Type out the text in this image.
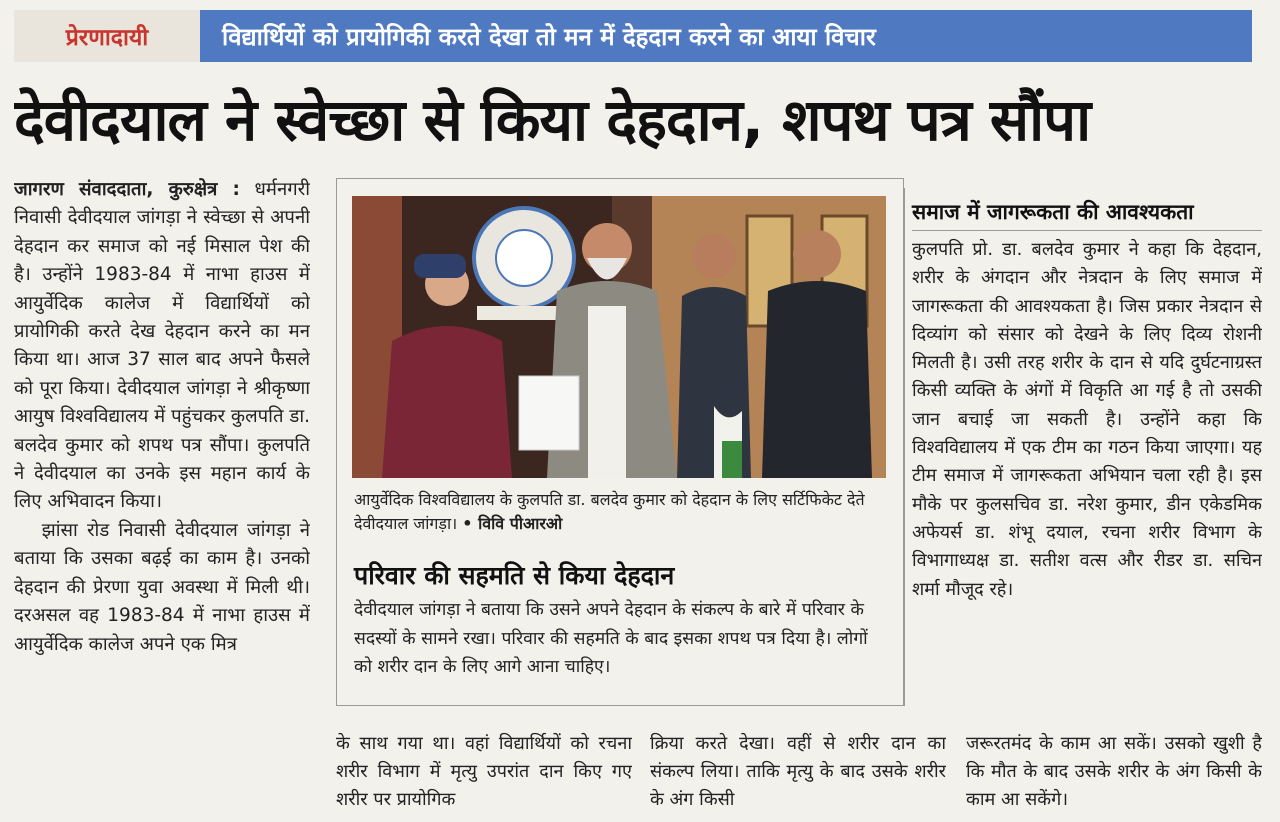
प्रेरणादायी	विद्यार्थियों को प्रायोगिकी करते देखा तो मन में देहदान करने का आया विचार
देवीदयाल ने स्वेच्छा से किया देहदान, शपथ पत्र सौंपा

जागरण संवाददाता, कुरुक्षेत्र : धर्मनगरी निवासी देवीदयाल जांगड़ा ने स्वेच्छा से अपनी देहदान कर समाज को नई मिसाल पेश की है। उन्होंने 1983-84 में नाभा हाउस में आयुर्वेदिक कालेज में विद्यार्थियों को प्रायोगिकी करते देख देहदान करने का मन किया था। आज 37 साल बाद अपने फैसले को पूरा किया। देवीदयाल जांगड़ा ने श्रीकृष्णा आयुष विश्वविद्यालय में पहुंचकर कुलपति डा. बलदेव कुमार को शपथ पत्र सौंपा। कुलपति ने देवीदयाल का उनके इस महान कार्य के लिए अभिवादन किया।

झांसा रोड निवासी देवीदयाल जांगड़ा ने बताया कि उसका बढ़ई का काम है। उनको देहदान की प्रेरणा युवा अवस्था में मिली थी। दरअसल वह 1983-84 में नाभा हाउस में आयुर्वेदिक कालेज अपने एक मित्र

आयुर्वेदिक विश्वविद्यालय के कुलपति डा. बलदेव कुमार को देहदान के लिए सर्टिफिकेट देते देवीदयाल जांगड़ा। • विवि पीआरओ
परिवार की सहमति से किया देहदान
देवीदयाल जांगड़ा ने बताया कि उसने अपने देहदान के संकल्प के बारे में परिवार के सदस्यों के सामने रखा। परिवार की सहमति के बाद इसका शपथ पत्र दिया है। लोगों को शरीर दान के लिए आगे आना चाहिए।
समाज में जागरूकता की आवश्यकता
कुलपति प्रो. डा. बलदेव कुमार ने कहा कि देहदान, शरीर के अंगदान और नेत्रदान के लिए समाज में जागरूकता की आवश्यकता है। जिस प्रकार नेत्रदान से दिव्यांग को संसार को देखने के लिए दिव्य रोशनी मिलती है। उसी तरह शरीर के दान से यदि दुर्घटनाग्रस्त किसी व्यक्ति के अंगों में विकृति आ गई है तो उसकी जान बचाई जा सकती है। उन्होंने कहा कि विश्वविद्यालय में एक टीम का गठन किया जाएगा। यह टीम समाज में जागरूकता अभियान चला रही है। इस मौके पर कुलसचिव डा. नरेश कुमार, डीन एकेडमिक अफेयर्स डा. शंभू दयाल, रचना शरीर विभाग के विभागाध्यक्ष डा. सतीश वत्स और रीडर डा. सचिन शर्मा मौजूद रहे।
के साथ गया था। वहां विद्यार्थियों को रचना शरीर विभाग में मृत्यु उपरांत दान किए गए शरीर पर प्रायोगिक
क्रिया करते देखा। वहीं से शरीर दान का संकल्प लिया। ताकि मृत्यु के बाद उसके शरीर के अंग किसी
जरूरतमंद के काम आ सकें। उसको खुशी है कि मौत के बाद उसके शरीर के अंग किसी के काम आ सकेंगे।
